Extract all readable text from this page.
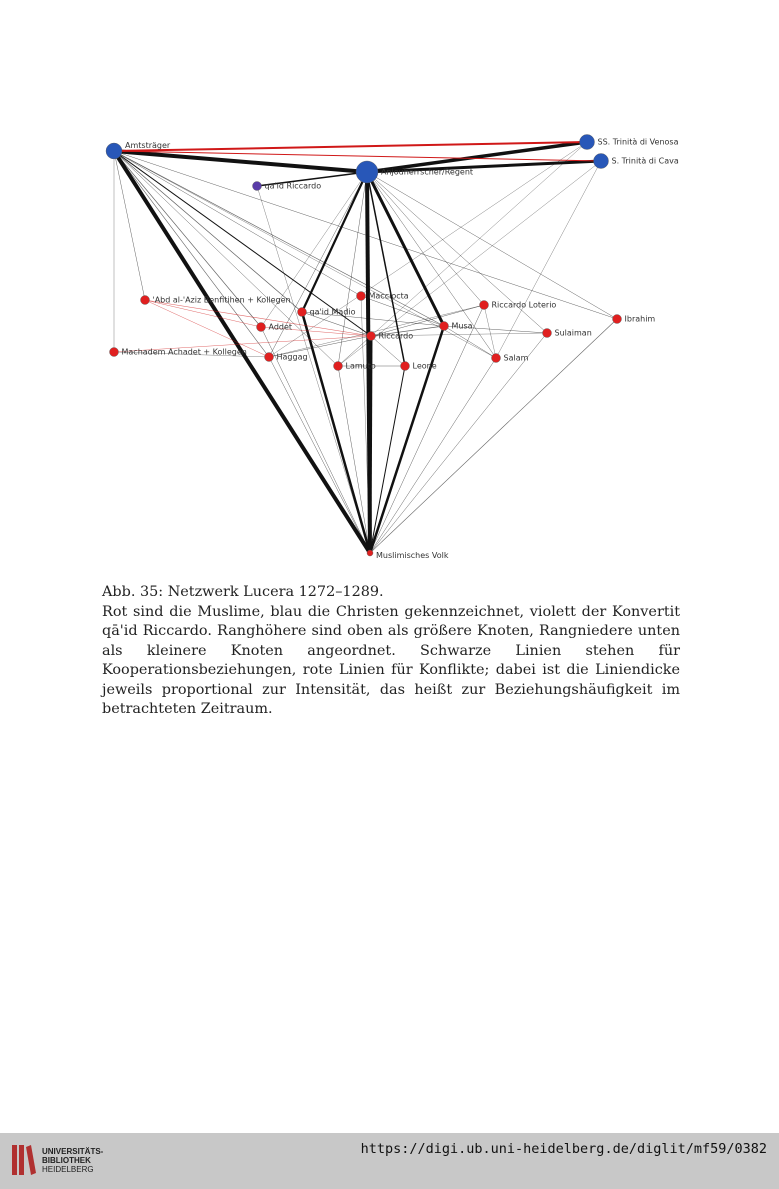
Amtsträger
Anjouherrscher/Regent
SS. Trinità di Venosa
S. Trinità di Cava
qa'id Riccardo
'Abd al-'Aziz Benfitihen + Kollegen
Machadem Achadet + Kollegen
Addet
Haggag
qa'id Madio
Macciocta
Riccardo
Lamuto	Leone
Musa
Riccardo Loterio
Salam
Sulaiman
Ibrahim
Muslimisches Volk

Abb. 35: Netzwerk Lucera 1272–1289.

Rot sind die Muslime, blau die Christen gekennzeichnet, violett der Konvertit qā'id Riccardo. Ranghöhere sind oben als größere Knoten, Rangniedere unten als kleinere Knoten angeordnet. Schwarze Linien stehen für Kooperationsbeziehungen, rote Linien für Konflikte; dabei ist die Liniendicke jeweils proportional zur Intensität, das heißt zur Beziehungshäufigkeit im betrachteten Zeitraum.

UNIVERSITÄTS-
BIBLIOTHEK
HEIDELBERG
https://digi.ub.uni-heidelberg.de/diglit/mf59/0382
